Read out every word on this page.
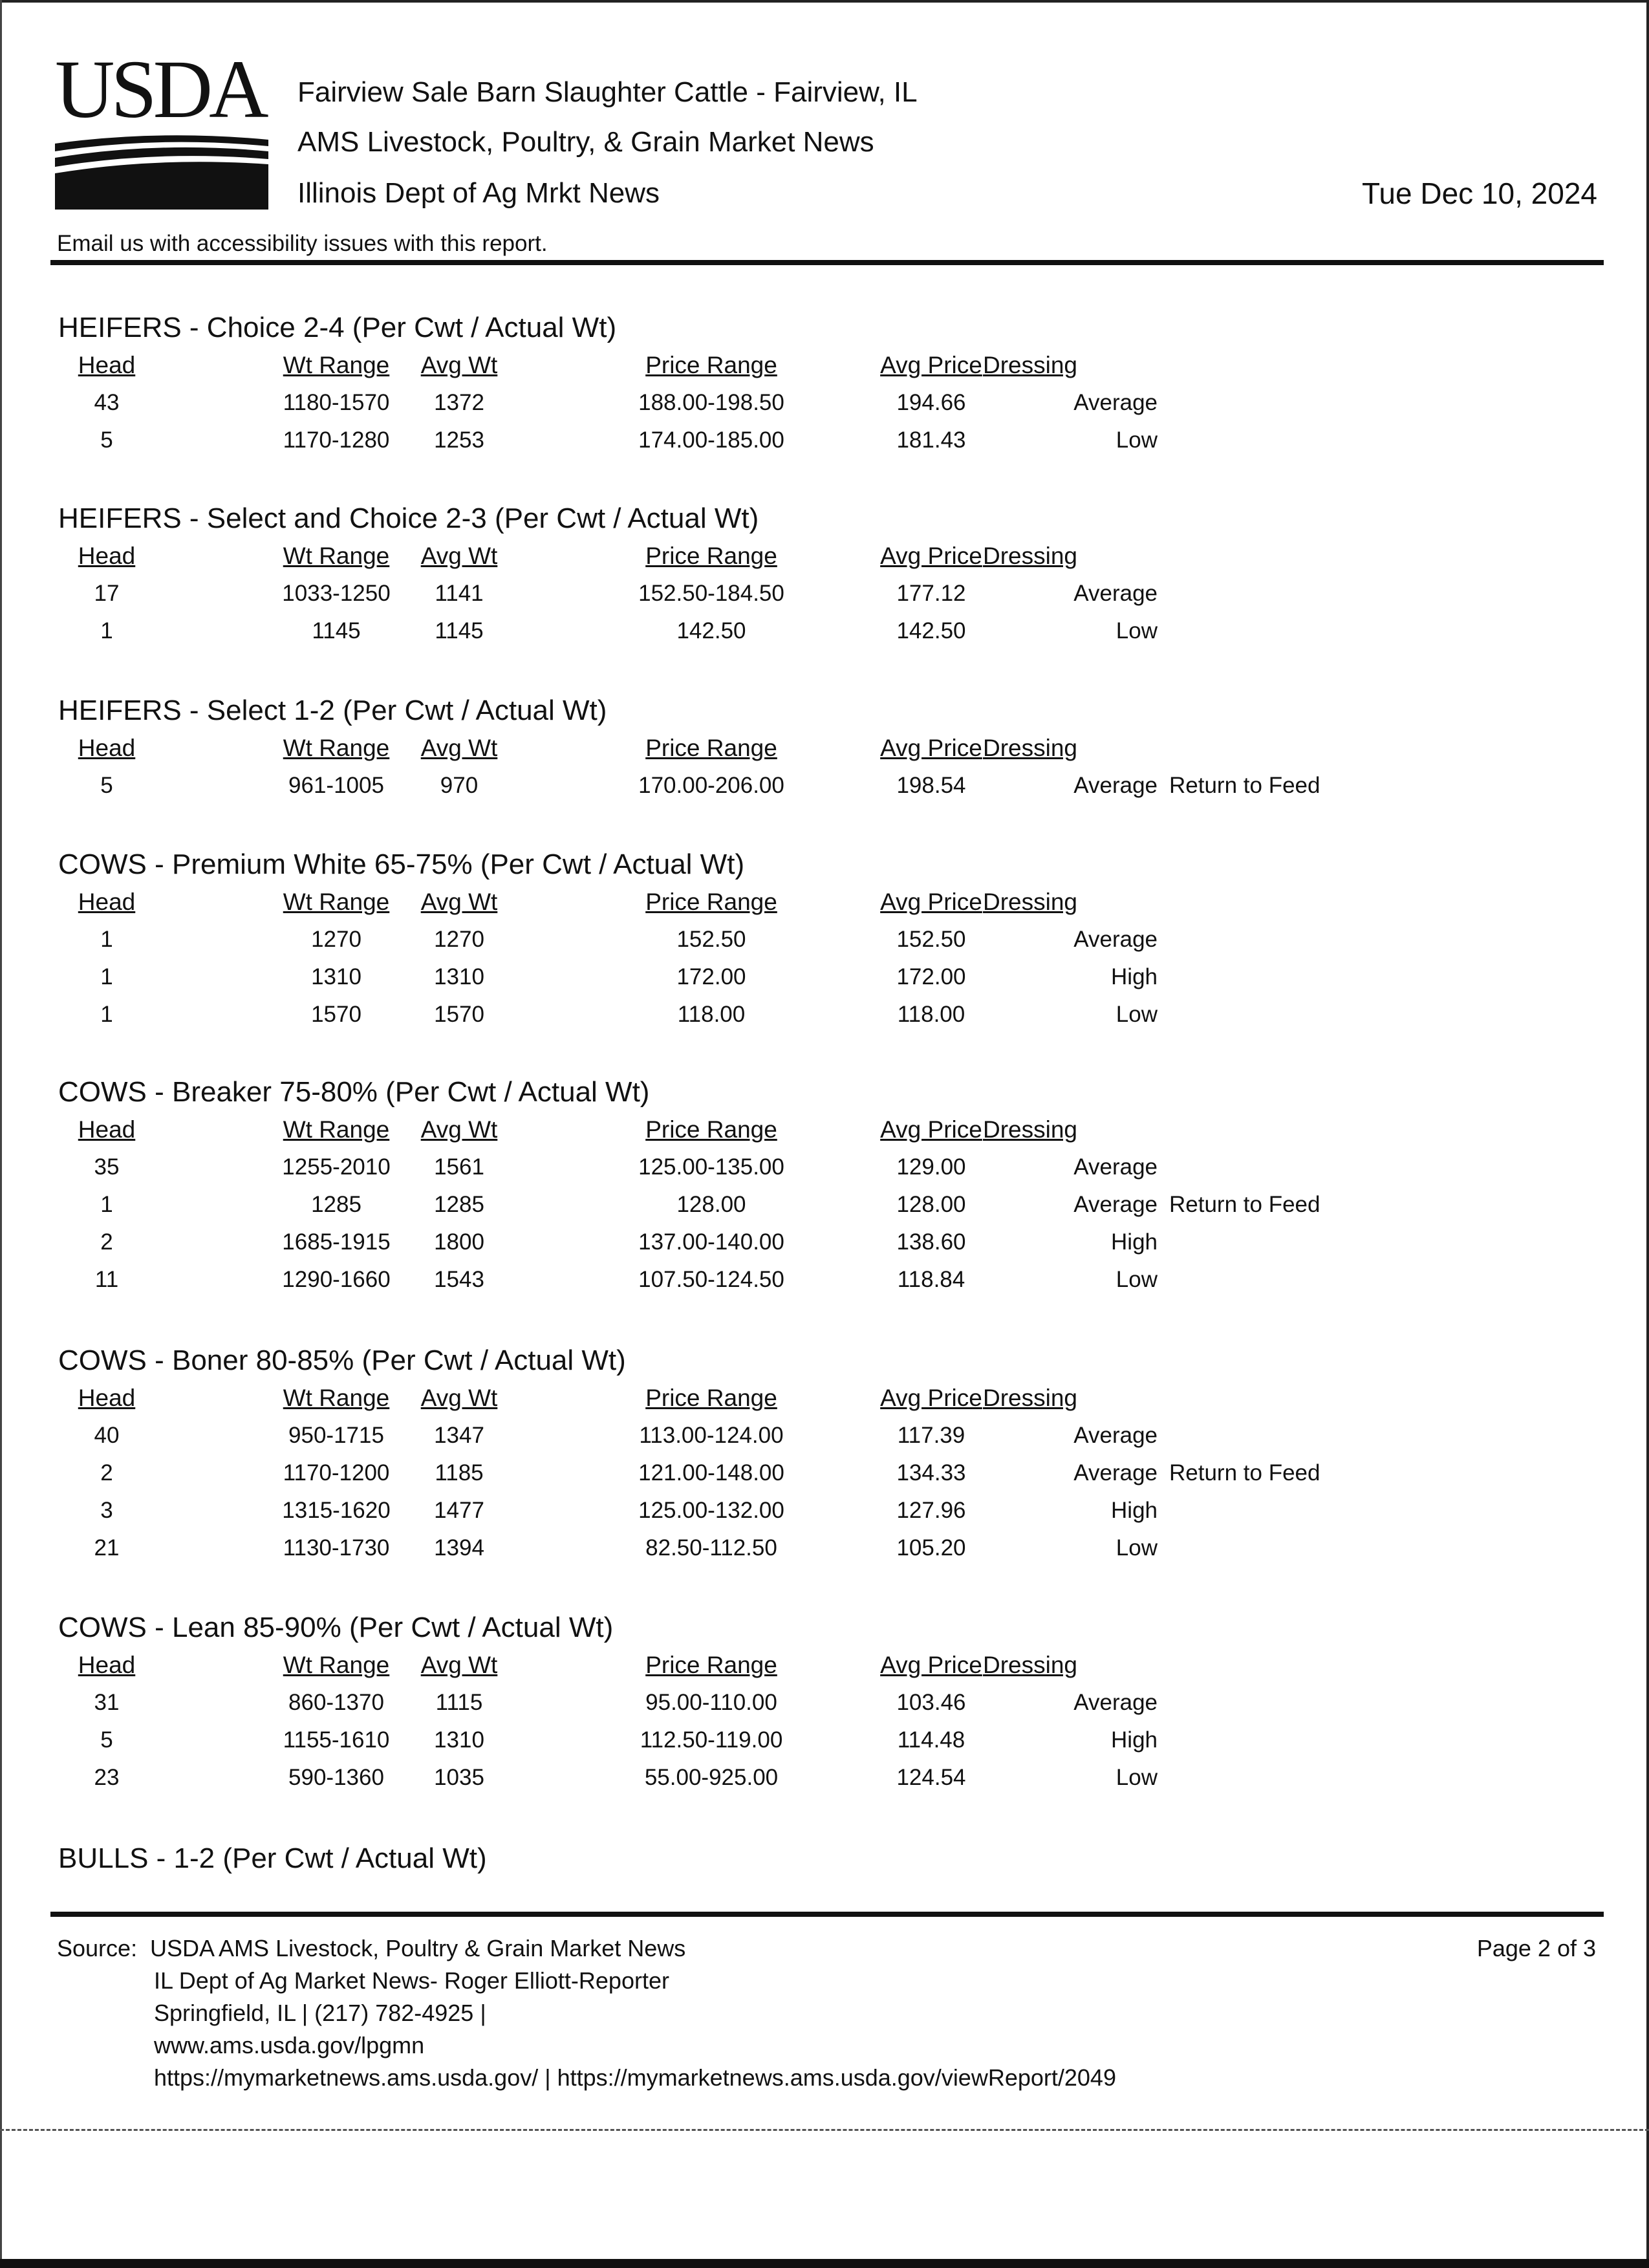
USDA Fairview Sale Barn Slaughter Cattle - Fairview, IL
AMS Livestock, Poultry, & Grain Market News
Illinois Dept of Ag Mrkt News	Tue Dec 10, 2024
Email us with accessibility issues with this report.
HEIFERS - Choice 2-4 (Per Cwt / Actual Wt)
Head	Wt Range	Avg Wt	Price Range	Avg Price Dressing
43	1180-1570	1372	188.00-198.50	194.66	Average
5	1170-1280	1253	174.00-185.00	181.43	Low
HEIFERS - Select and Choice 2-3 (Per Cwt / Actual Wt)
Head	Wt Range	Avg Wt	Price Range	Avg Price Dressing
17	1033-1250	1141	152.50-184.50	177.12	Average
1	1145	1145	142.50	142.50	Low
HEIFERS - Select 1-2 (Per Cwt / Actual Wt)
Head	Wt Range	Avg Wt	Price Range	Avg Price Dressing
5	961-1005	970	170.00-206.00	198.54	Average Return to Feed
COWS - Premium White 65-75% (Per Cwt / Actual Wt)
Head	Wt Range	Avg Wt	Price Range	Avg Price Dressing
1	1270	1270	152.50	152.50	Average
1	1310	1310	172.00	172.00	High
1	1570	1570	118.00	118.00	Low
COWS - Breaker 75-80% (Per Cwt / Actual Wt)
Head	Wt Range	Avg Wt	Price Range	Avg Price Dressing
35	1255-2010	1561	125.00-135.00	129.00	Average
1	1285	1285	128.00	128.00	Average Return to Feed
2	1685-1915	1800	137.00-140.00	138.60	High
11	1290-1660	1543	107.50-124.50	118.84	Low
COWS - Boner 80-85% (Per Cwt / Actual Wt)
Head	Wt Range	Avg Wt	Price Range	Avg Price Dressing
40	950-1715	1347	113.00-124.00	117.39	Average
2	1170-1200	1185	121.00-148.00	134.33	Average Return to Feed
3	1315-1620	1477	125.00-132.00	127.96	High
21	1130-1730	1394	82.50-112.50	105.20	Low
COWS - Lean 85-90% (Per Cwt / Actual Wt)
Head	Wt Range	Avg Wt	Price Range	Avg Price Dressing
31	860-1370	1115	95.00-110.00	103.46	Average
5	1155-1610	1310	112.50-119.00	114.48	High
23	590-1360	1035	55.00-925.00	124.54	Low
BULLS - 1-2 (Per Cwt / Actual Wt)
Source: USDA AMS Livestock, Poultry & Grain Market News
IL Dept of Ag Market News- Roger Elliott-Reporter
Springfield, IL | (217) 782-4925 |
www.ams.usda.gov/lpgmn
https://mymarketnews.ams.usda.gov/ | https://mymarketnews.ams.usda.gov/viewReport/2049
Page 2 of 3
